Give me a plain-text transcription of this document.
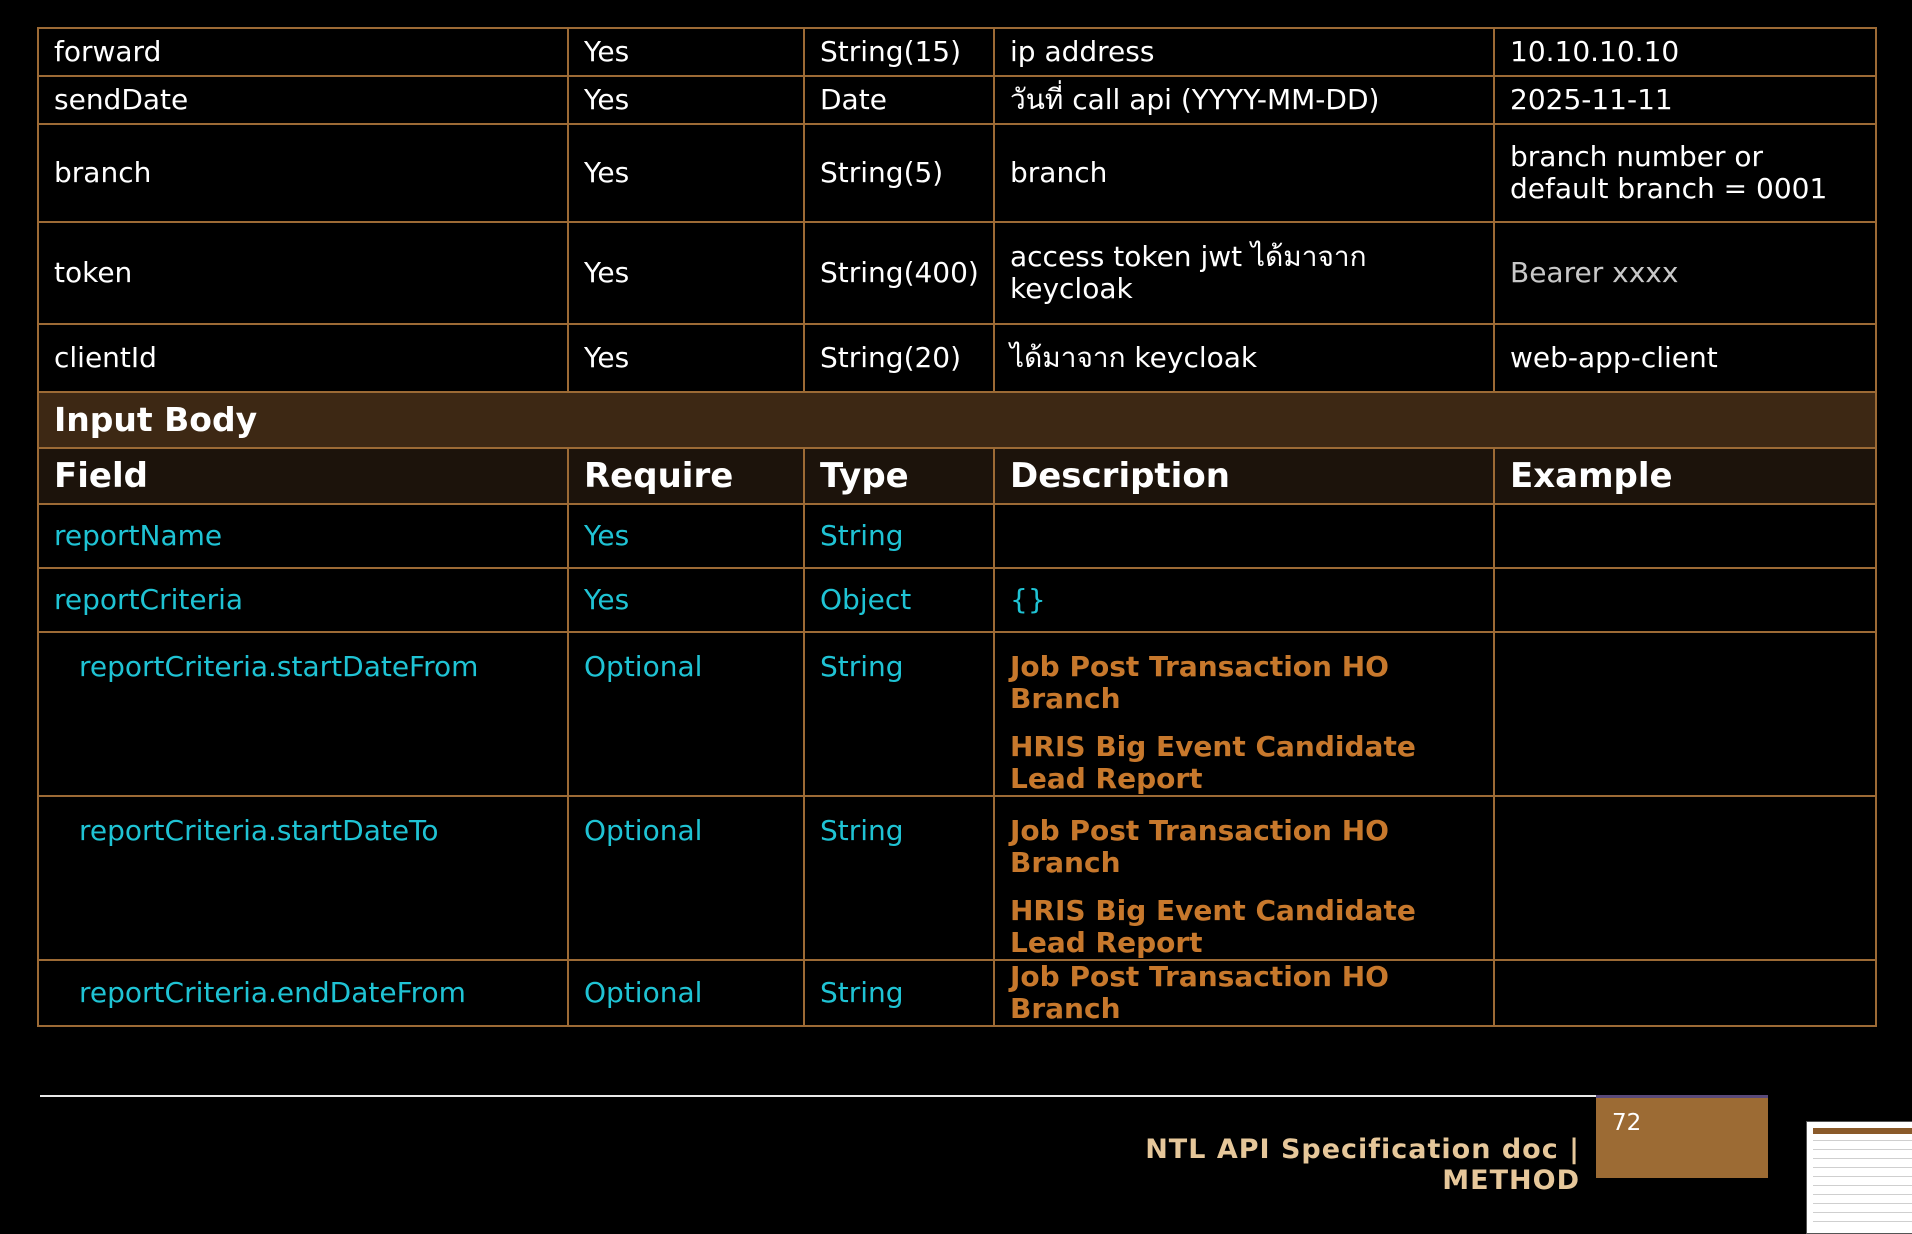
forward	Yes	String(15)	ip address	10.10.10.10
sendDate	Yes	Date	วันที่ call api (YYYY-MM-DD)	2025-11-11
branch	Yes	String(5)	branch	branch number or default branch = 0001
token	Yes	String(400)	access token jwt ได้มาจาก keycloak	Bearer xxxx
clientId	Yes	String(20)	ได้มาจาก keycloak	web-app-client
Input Body				
Field	Require	Type	Description	Example
reportName	Yes	String		
reportCriteria	Yes	Object	{}	
reportCriteria.startDateFrom	Optional	String	Job Post Transaction HO Branch
HRIS Big Event Candidate Lead Report	

reportCriteria.startDateTo	Optional	String	Job Post Transaction HO Branch
HRIS Big Event Candidate Lead Report	

reportCriteria.endDateFrom	Optional	String	Job Post Transaction HO Branch	

NTL API Specification doc | METHOD
72
